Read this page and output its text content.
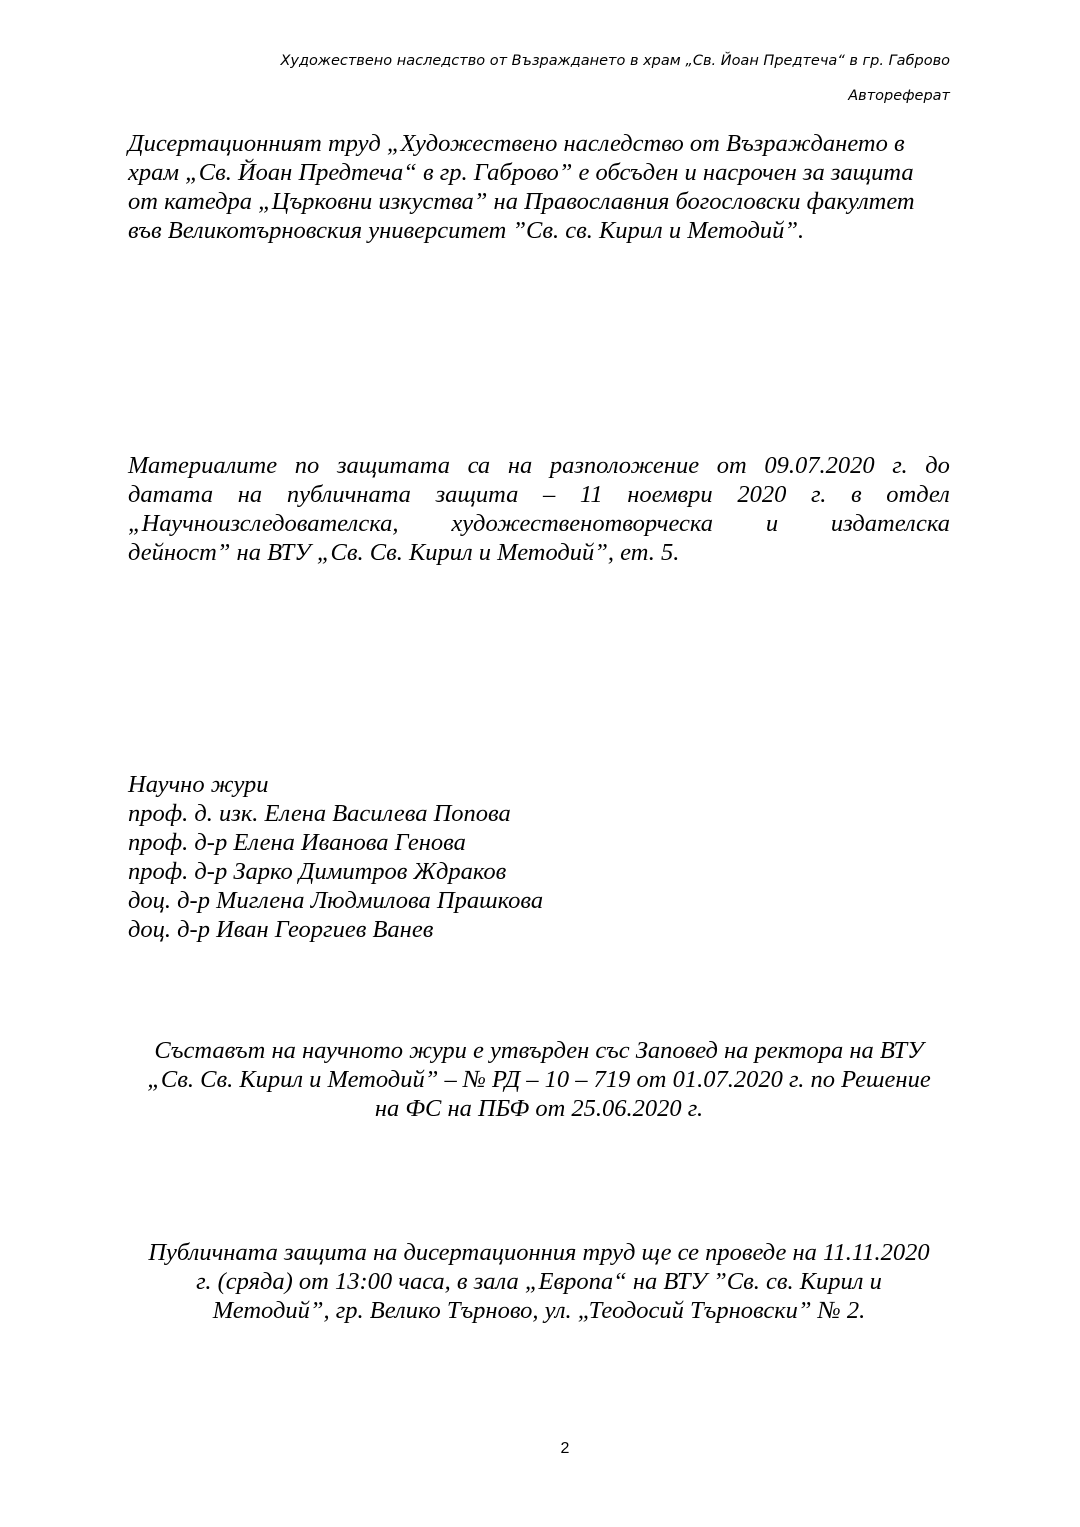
Художествено наследство от Възраждането в храм „Св. Йоан Предтеча“ в гр. Габрово
Автореферат
Дисертационният труд „Художествено наследство от Възраждането в
храм „Св. Йоан Предтеча“ в гр. Габрово” е обсъден и насрочен за защита
от катедра „Църковни изкуства” на Православния богословски факултет
във Великотърновския университет ”Св. св. Кирил и Методий”.
Материалите по защитата са на разположение от 09.07.2020 г. до
датата на публичната защита – 11 ноември 2020 г. в отдел
„Научноизследователска, художественотворческа и издателска
дейност” на ВТУ „Св. Св. Кирил и Методий”, ет. 5.
Научно жури
проф. д. изк. Елена Василева Попова
проф. д-р Елена Иванова Генова
проф. д-р Зарко Димитров Ждраков
доц. д-р Миглена Людмилова Прашкова
доц. д-р Иван Георгиев Ванев
Съставът на научното жури е утвърден със Заповед на ректора на ВТУ
„Св. Св. Кирил и Методий” – № РД – 10 – 719 от 01.07.2020 г. по Решение
на ФС на ПБФ от 25.06.2020 г.
Публичната защита на дисертационния труд ще се проведе на 11.11.2020
г. (сряда) от 13:00 часа, в зала „Европа“ на ВТУ ”Св. св. Кирил и
Методий”, гр. Велико Търново, ул. „Теодосий Търновски” № 2.
2
